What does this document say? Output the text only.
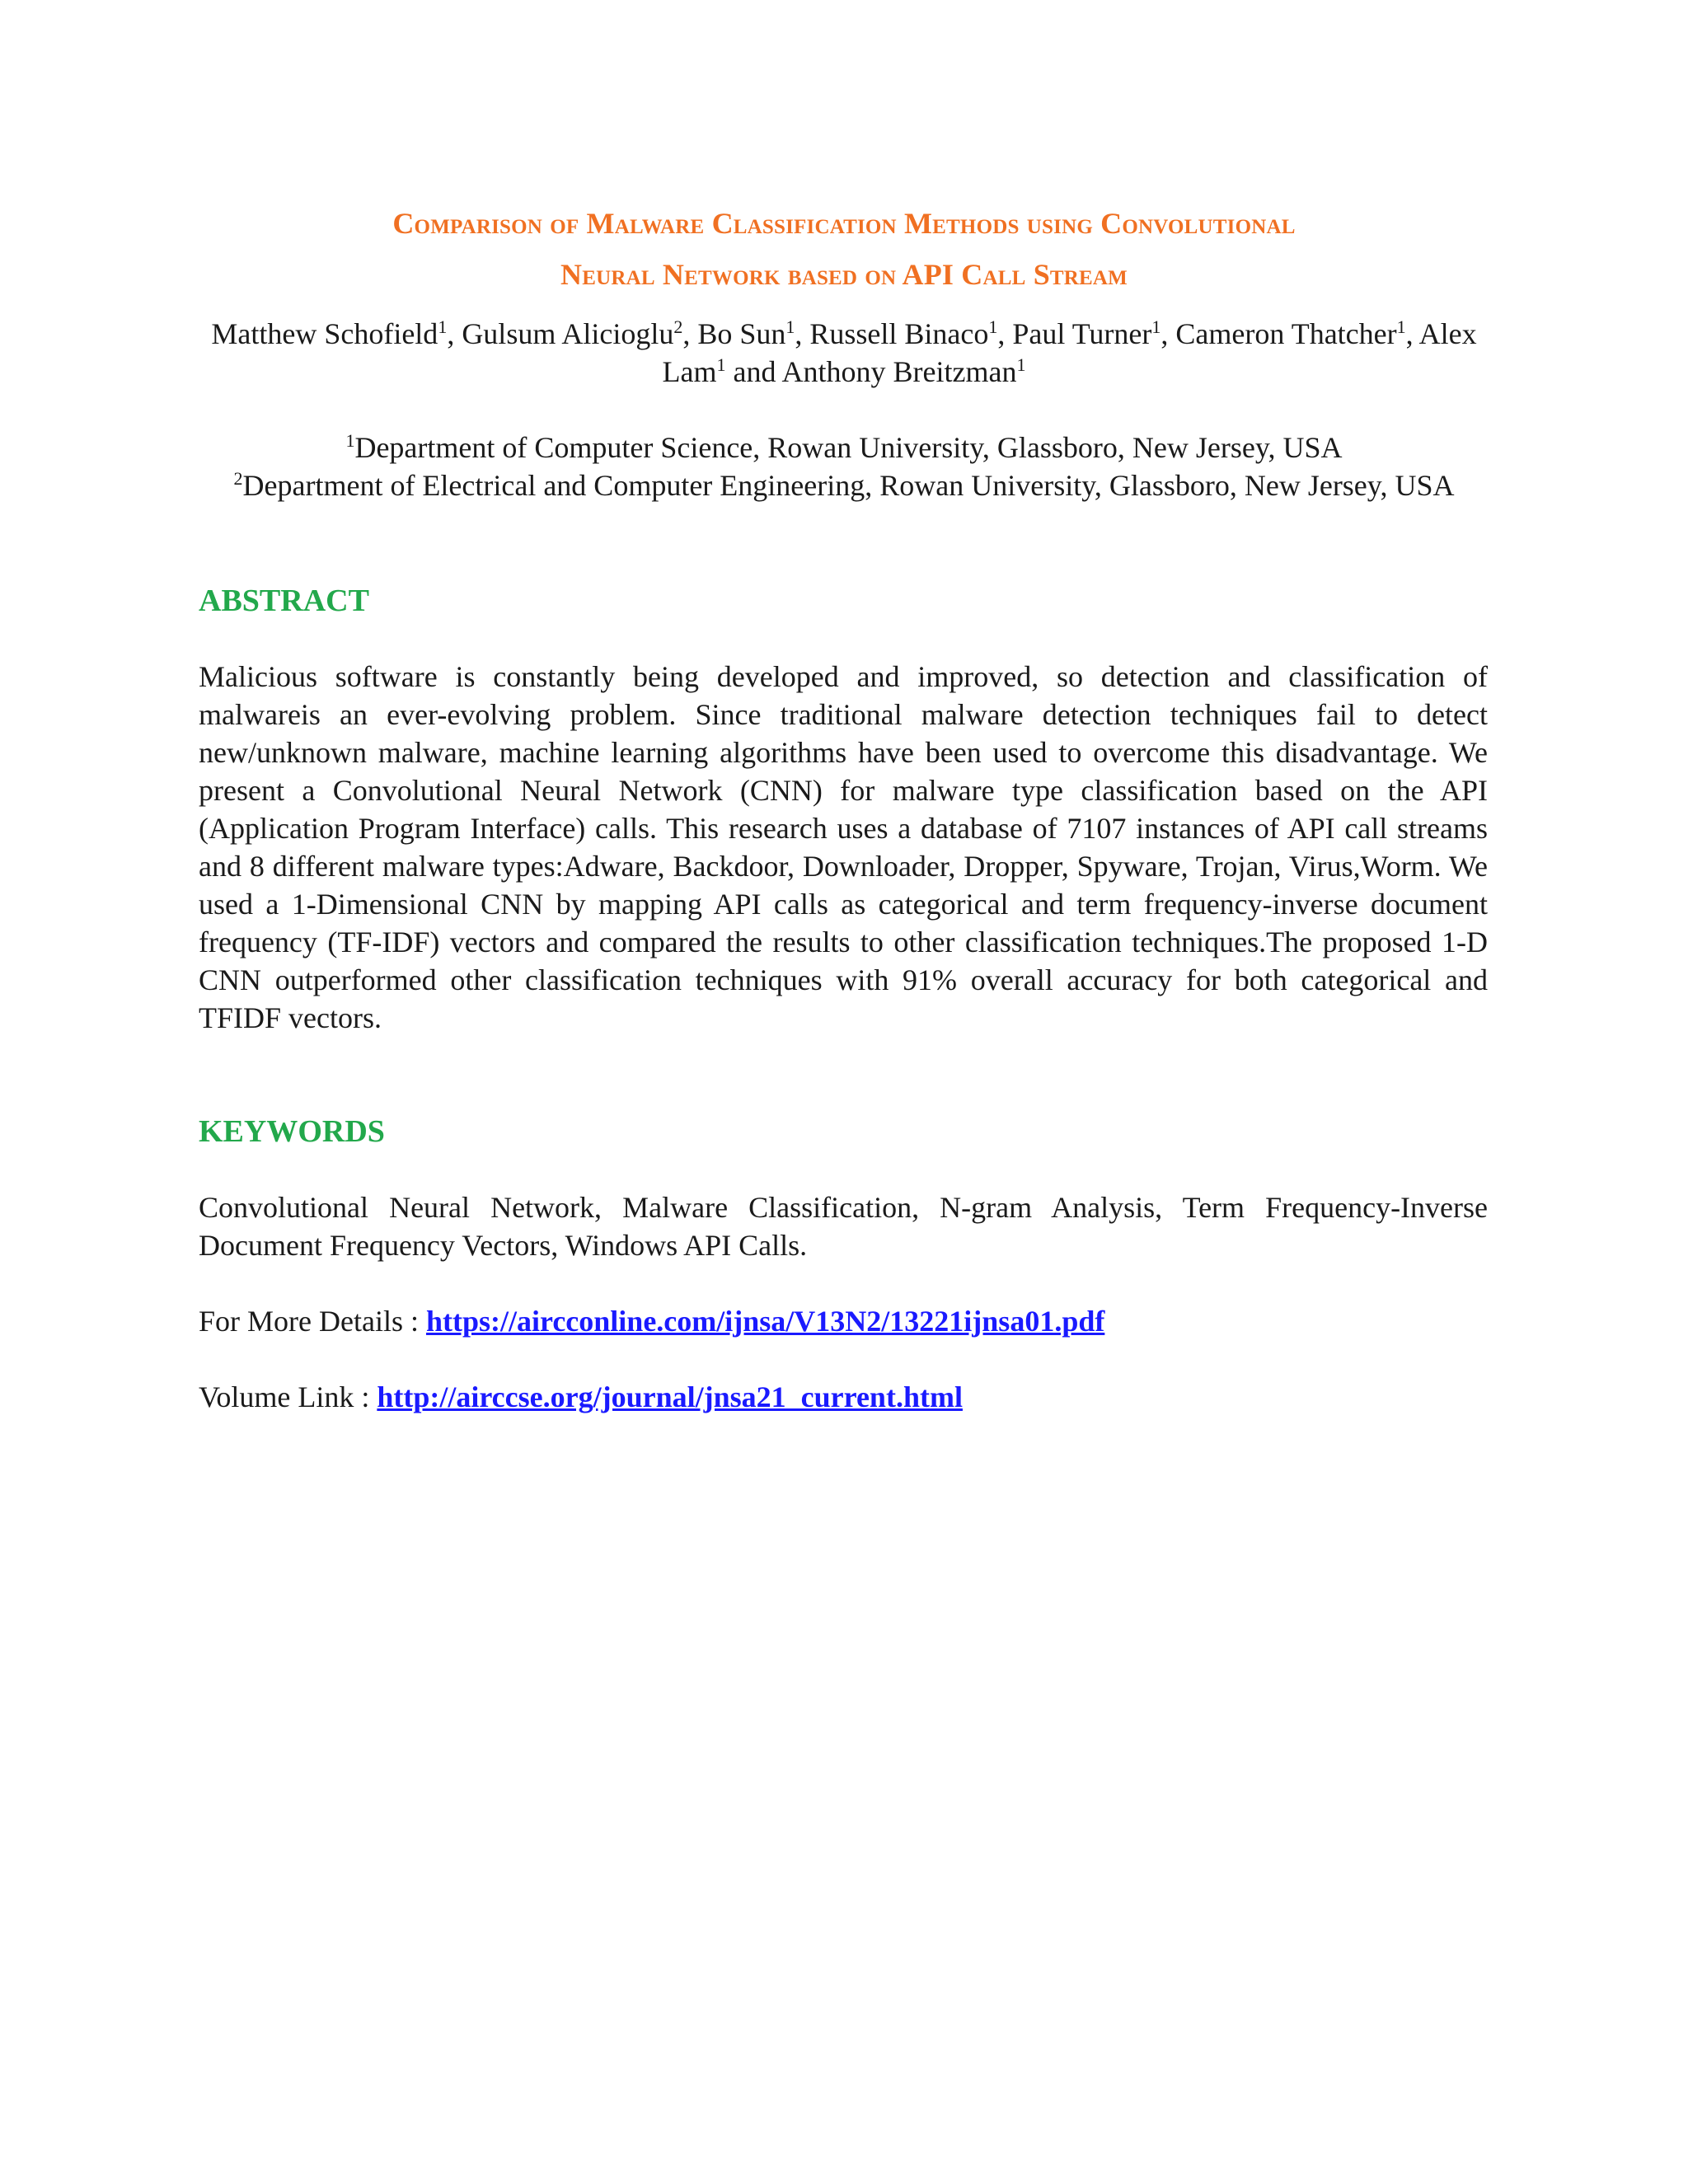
Comparison of Malware Classification Methods using Convolutional
Neural Network based on API Call Stream
Matthew Schofield$^1$, Gulsum Alicioglu$^2$, Bo Sun$^1$, Russell Binaco$^1$, Paul Turner$^1$, Cameron Thatcher$^1$, Alex Lam$^1$ and Anthony Breitzman$^1$
$^1$Department of Computer Science, Rowan University, Glassboro, New Jersey, USA
$^2$Department of Electrical and Computer Engineering, Rowan University, Glassboro, New Jersey, USA
ABSTRACT
Malicious software is constantly being developed and improved, so detection and classification of malwareis an ever-evolving problem. Since traditional malware detection techniques fail to detect new/unknown malware, machine learning algorithms have been used to overcome this disadvantage. We present a Convolutional Neural Network (CNN) for malware type classification based on the API (Application Program Interface) calls. This research uses a database of 7107 instances of API call streams and 8 different malware types:Adware, Backdoor, Downloader, Dropper, Spyware, Trojan, Virus,Worm. We used a 1-Dimensional CNN by mapping API calls as categorical and term frequency-inverse document frequency (TF-IDF) vectors and compared the results to other classification techniques.The proposed 1-D CNN outperformed other classification techniques with 91% overall accuracy for both categorical and TFIDF vectors.
KEYWORDS
Convolutional Neural Network, Malware Classification, N-gram Analysis, Term Frequency-Inverse Document Frequency Vectors, Windows API Calls.
For More Details : https://aircconline.com/ijnsa/V13N2/13221ijnsa01.pdf
Volume Link : http://airccse.org/journal/jnsa21_current.html
